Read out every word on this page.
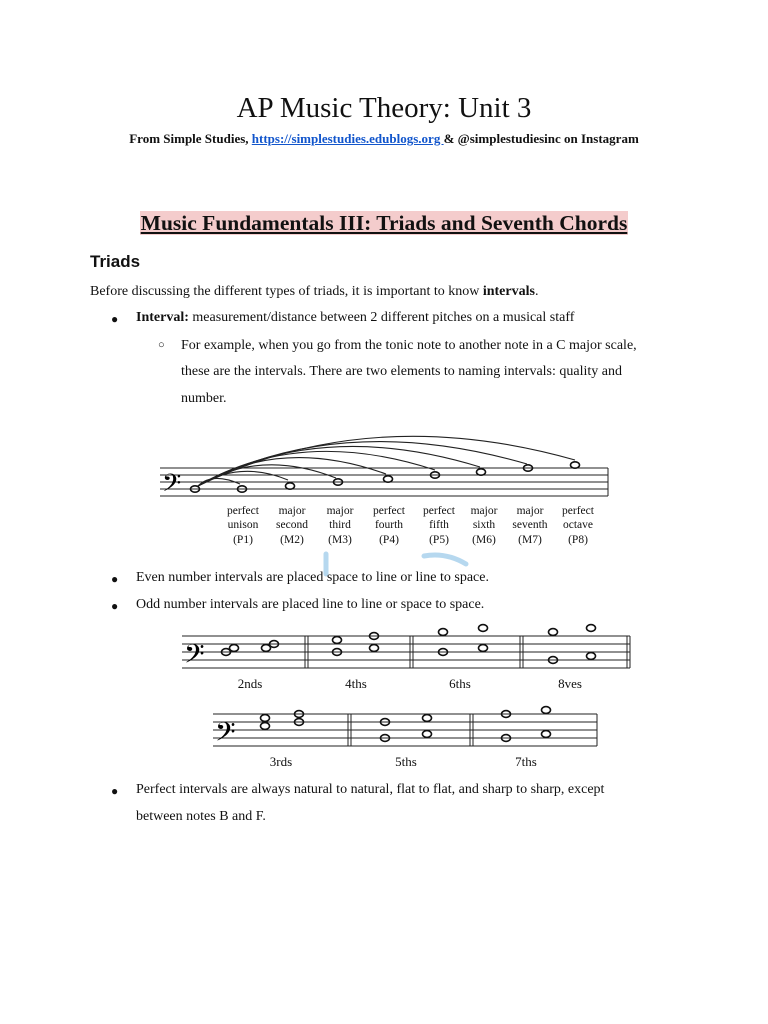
AP Music Theory: Unit 3
From Simple Studies, https://simplestudies.edublogs.org & @simplestudiesinc on Instagram
Music Fundamentals III: Triads and Seventh Chords
Triads
Before discussing the different types of triads, it is important to know intervals.
● Interval: measurement/distance between 2 different pitches on a musical staff
○ For example, when you go from the tonic note to another note in a C major scale,
these are the intervals. There are two elements to naming intervals: quality and
number.
𝄢
perfect
unison
(P1)
major
second
(M2)
major
third
(M3)
perfect
fourth
(P4)
perfect
fifth
(P5)
major
sixth
(M6)
major
seventh
(M7)
perfect
octave
(P8)
● Even number intervals are placed space to line or line to space.
● Odd number intervals are placed line to line or space to space.
𝄢
2nds	4ths	6ths	8ves
𝄢
3rds	5ths	7ths
● Perfect intervals are always natural to natural, flat to flat, and sharp to sharp, except
between notes B and F.
